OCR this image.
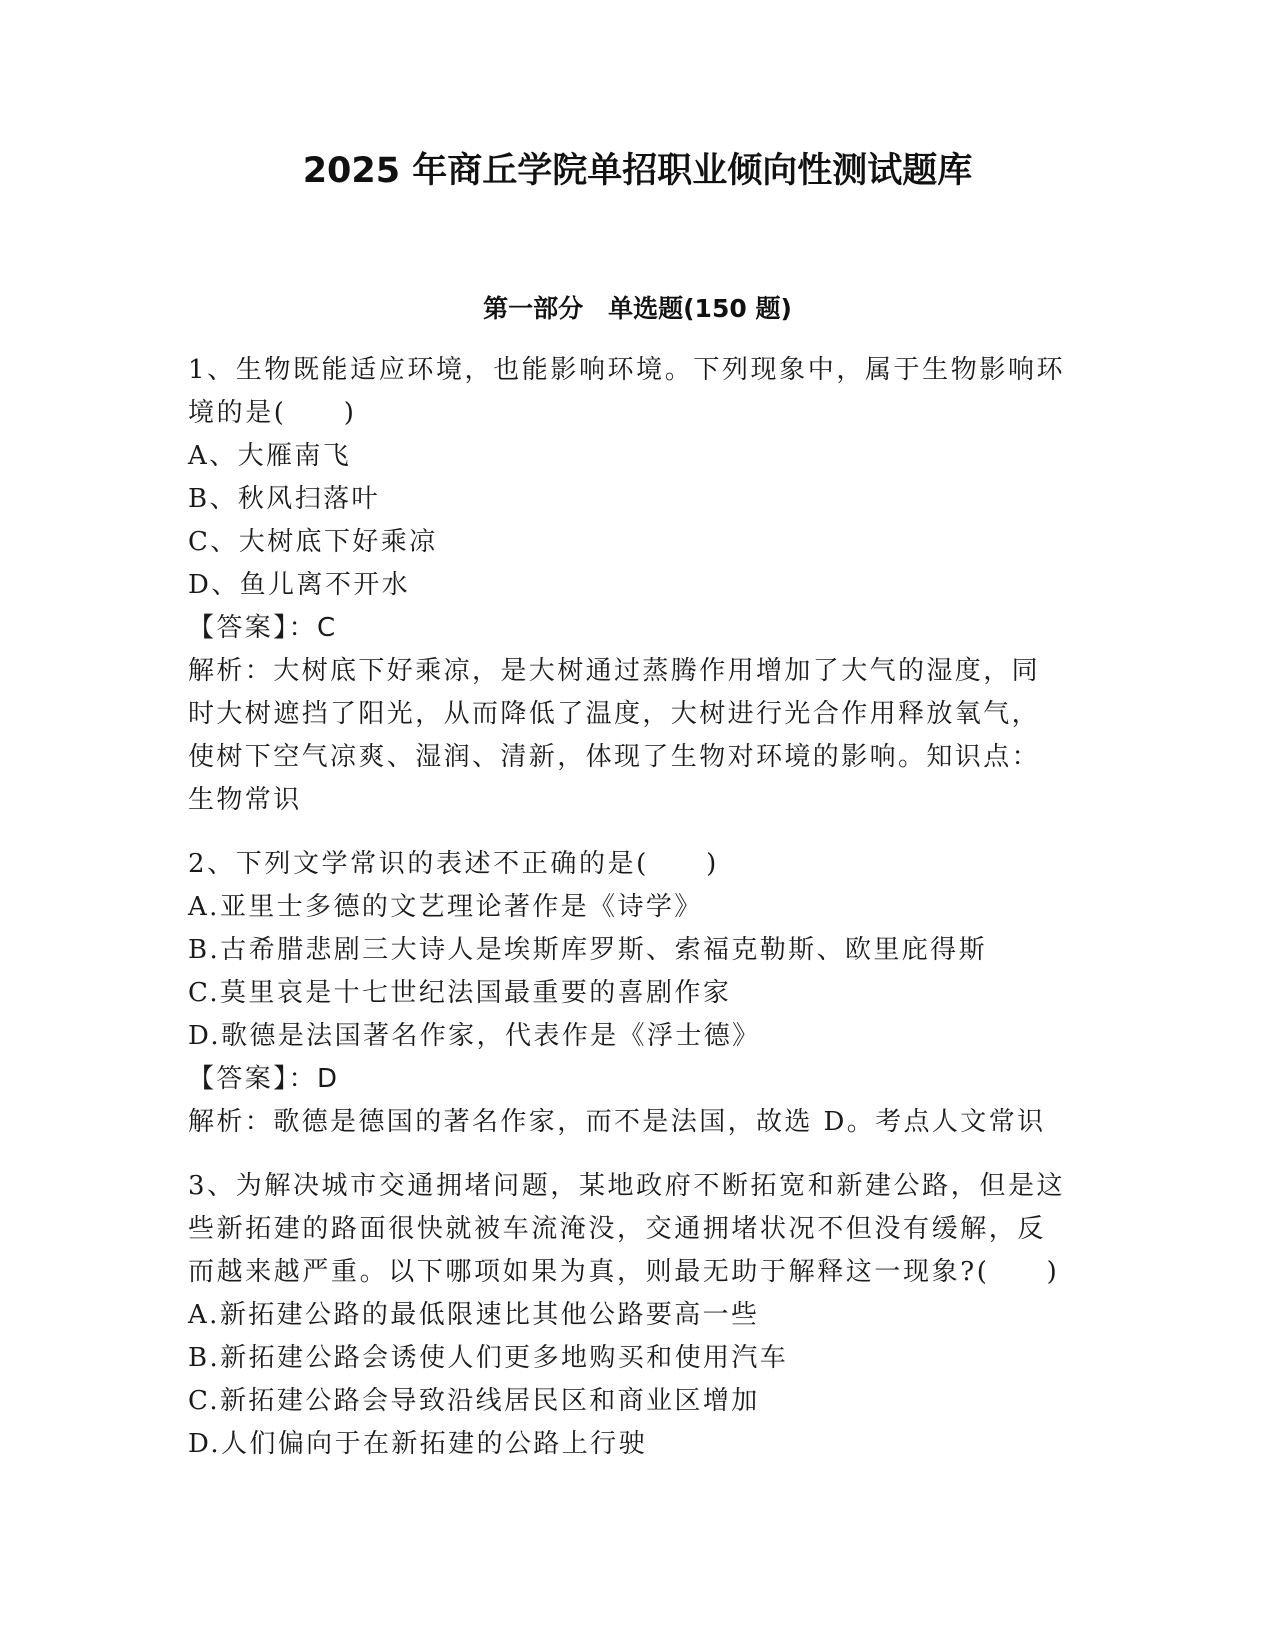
2025 年商丘学院单招职业倾向性测试题库
第一部分　单选题(150 题)
1、生物既能适应环境，也能影响环境。下列现象中，属于生物影响环
境的是(　　)
A、大雁南飞
B、秋风扫落叶
C、大树底下好乘凉
D、鱼儿离不开水
【答案】：C
解析：大树底下好乘凉，是大树通过蒸腾作用增加了大气的湿度，同
时大树遮挡了阳光，从而降低了温度，大树进行光合作用释放氧气，
使树下空气凉爽、湿润、清新，体现了生物对环境的影响。知识点：
生物常识
2、下列文学常识的表述不正确的是(　　)
A.亚里士多德的文艺理论著作是《诗学》
B.古希腊悲剧三大诗人是埃斯库罗斯、索福克勒斯、欧里庇得斯
C.莫里哀是十七世纪法国最重要的喜剧作家
D.歌德是法国著名作家，代表作是《浮士德》
【答案】：D
解析：歌德是德国的著名作家，而不是法国，故选 D。考点人文常识
3、为解决城市交通拥堵问题，某地政府不断拓宽和新建公路，但是这
些新拓建的路面很快就被车流淹没，交通拥堵状况不但没有缓解，反
而越来越严重。以下哪项如果为真，则最无助于解释这一现象?(　　)
A.新拓建公路的最低限速比其他公路要高一些
B.新拓建公路会诱使人们更多地购买和使用汽车
C.新拓建公路会导致沿线居民区和商业区增加
D.人们偏向于在新拓建的公路上行驶
